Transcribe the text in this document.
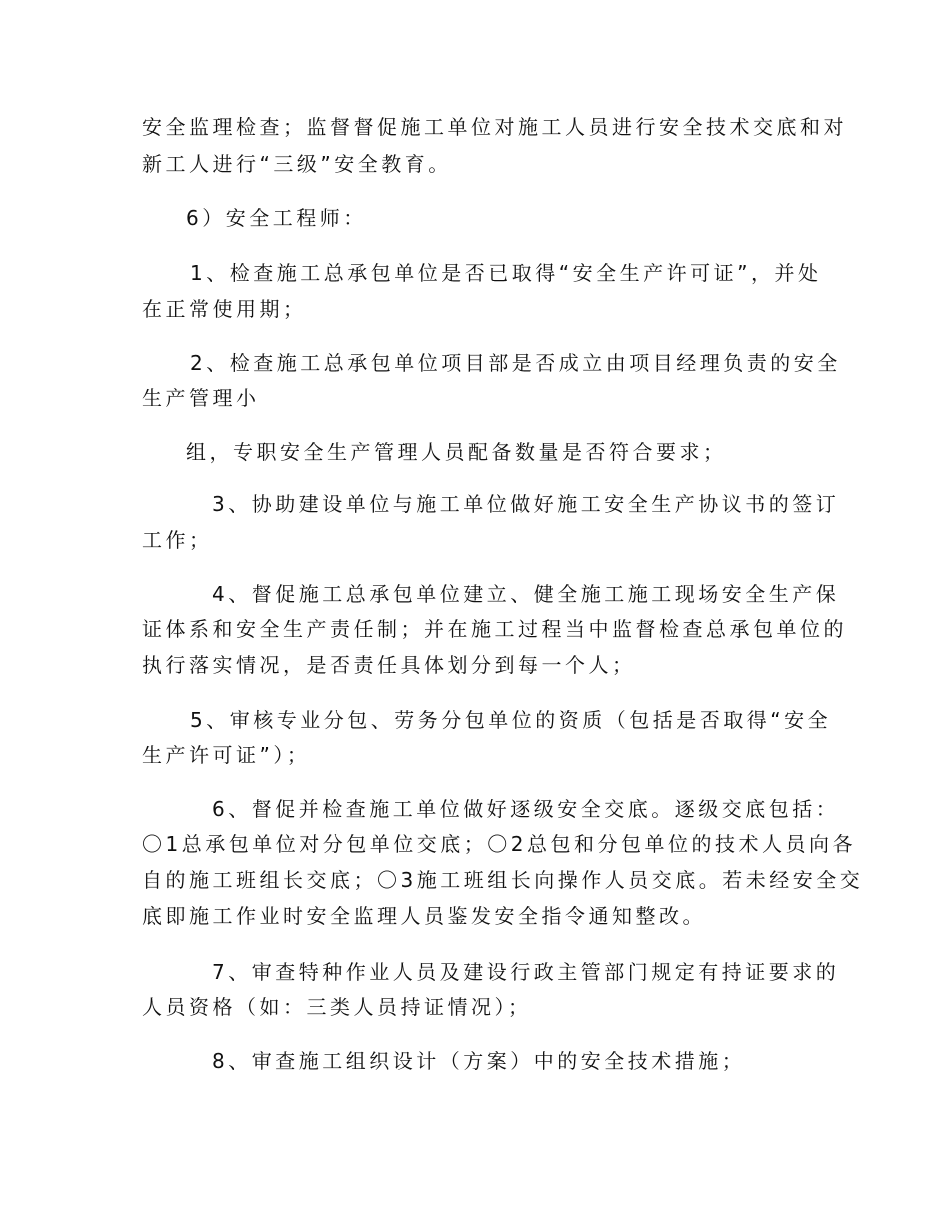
安全监理检查；监督督促施工单位对施工人员进行安全技术交底和对
新工人进行“三级”安全教育。
6）安全工程师：
1、检查施工总承包单位是否已取得“安全生产许可证”，并处
在正常使用期；
2、检查施工总承包单位项目部是否成立由项目经理负责的安全
生产管理小
组，专职安全生产管理人员配备数量是否符合要求；
3、协助建设单位与施工单位做好施工安全生产协议书的签订
工作；
4、督促施工总承包单位建立、健全施工施工现场安全生产保
证体系和安全生产责任制；并在施工过程当中监督检查总承包单位的
执行落实情况，是否责任具体划分到每一个人；
5、审核专业分包、劳务分包单位的资质（包括是否取得“安全
生产许可证”）；
6、督促并检查施工单位做好逐级安全交底。逐级交底包括：
〇1总承包单位对分包单位交底；〇2总包和分包单位的技术人员向各
自的施工班组长交底；〇3施工班组长向操作人员交底。若未经安全交
底即施工作业时安全监理人员鉴发安全指令通知整改。
7、审查特种作业人员及建设行政主管部门规定有持证要求的
人员资格（如：三类人员持证情况）；
8、审查施工组织设计（方案）中的安全技术措施；
